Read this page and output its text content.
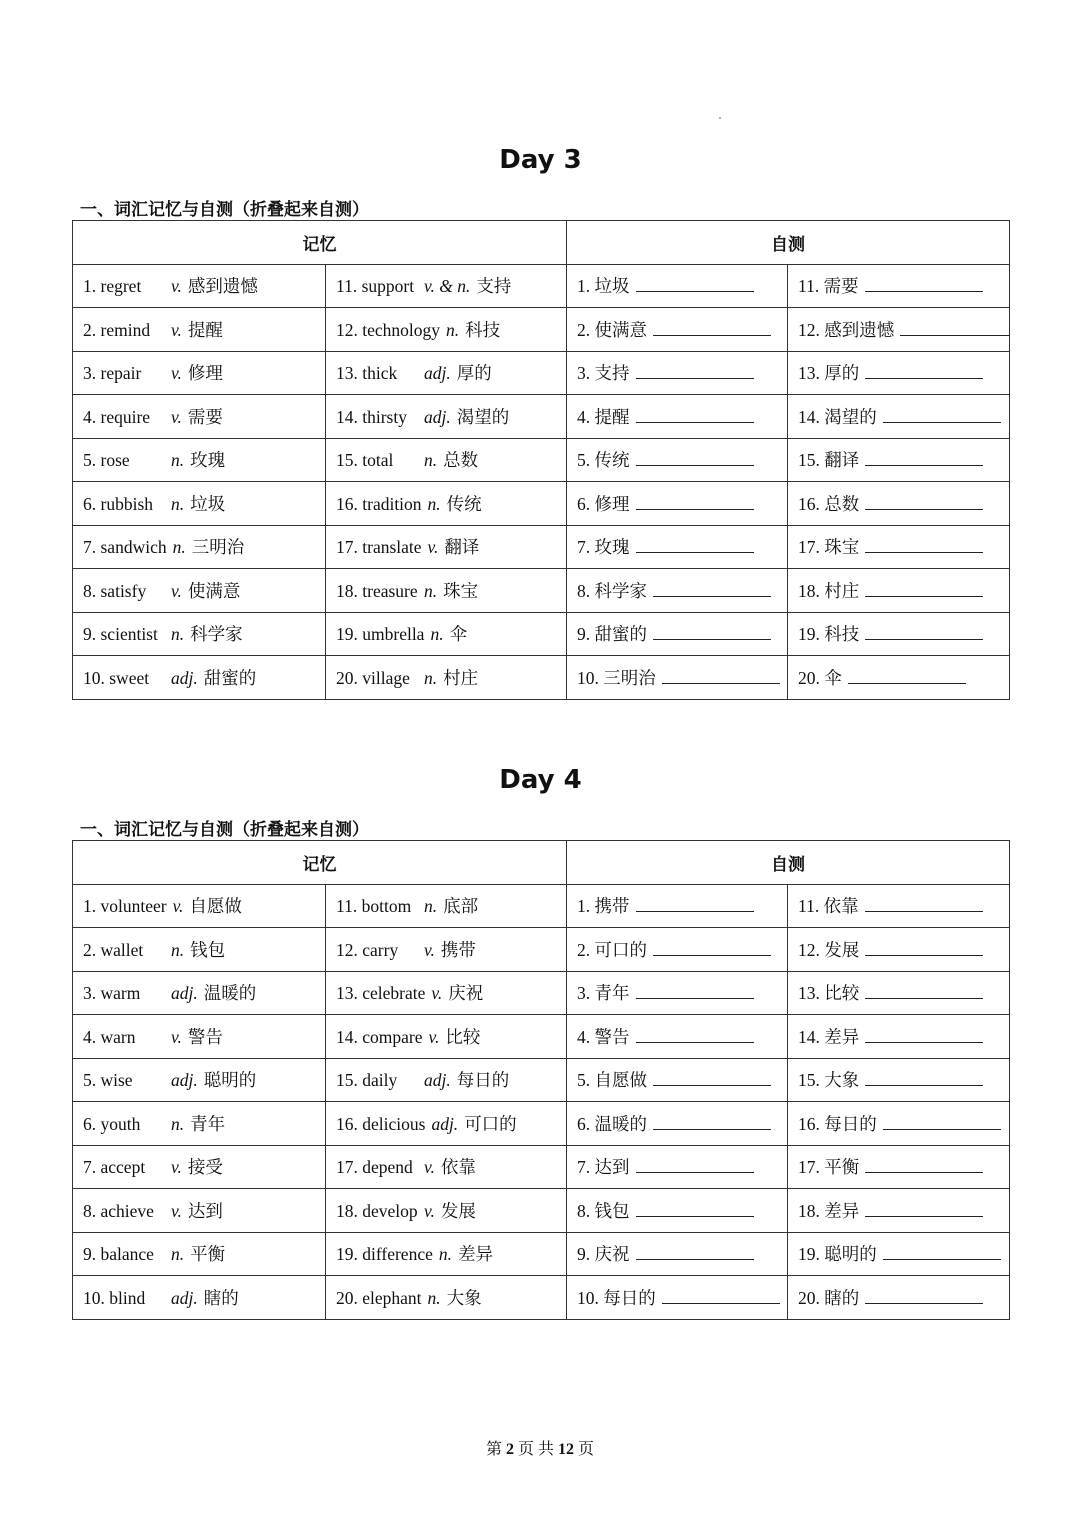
Day 3
一、词汇记忆与自测（折叠起来自测）
记忆		自测	
1. regret v. 感到遗憾	11. support v. & n. 支持	1. 垃圾	11. 需要
2. remind v. 提醒	12. technology n. 科技	2. 使满意	12. 感到遗憾
3. repair v. 修理	13. thick adj. 厚的	3. 支持	13. 厚的
4. require v. 需要	14. thirsty adj. 渴望的	4. 提醒	14. 渴望的
5. rose n. 玫瑰	15. total n. 总数	5. 传统	15. 翻译
6. rubbish n. 垃圾	16. tradition n. 传统	6. 修理	16. 总数
7. sandwich n. 三明治	17. translate v. 翻译	7. 玫瑰	17. 珠宝
8. satisfy v. 使满意	18. treasure n. 珠宝	8. 科学家	18. 村庄
9. scientist n. 科学家	19. umbrella n. 伞	9. 甜蜜的	19. 科技
10. sweet adj. 甜蜜的	20. village n. 村庄	10. 三明治	20. 伞
Day 4
一、词汇记忆与自测（折叠起来自测）
记忆		自测	
1. volunteer v. 自愿做	11. bottom n. 底部	1. 携带	11. 依靠
2. wallet n. 钱包	12. carry v. 携带	2. 可口的	12. 发展
3. warm adj. 温暖的	13. celebrate v. 庆祝	3. 青年	13. 比较
4. warn v. 警告	14. compare v. 比较	4. 警告	14. 差异
5. wise adj. 聪明的	15. daily adj. 每日的	5. 自愿做	15. 大象
6. youth n. 青年	16. delicious adj. 可口的	6. 温暖的	16. 每日的
7. accept v. 接受	17. depend v. 依靠	7. 达到	17. 平衡
8. achieve v. 达到	18. develop v. 发展	8. 钱包	18. 差异
9. balance n. 平衡	19. difference n. 差异	9. 庆祝	19. 聪明的
10. blind adj. 瞎的	20. elephant n. 大象	10. 每日的	20. 瞎的
第 2 页 共 12 页
